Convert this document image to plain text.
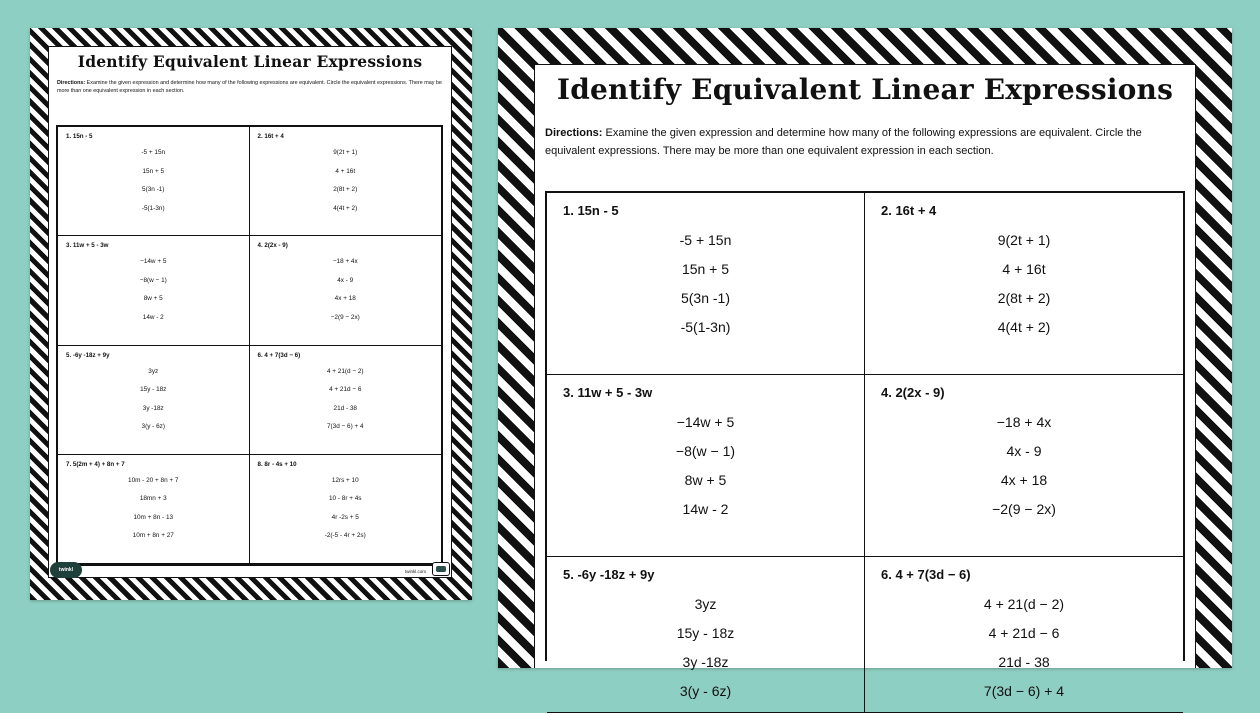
Identify Equivalent Linear Expressions
Directions: Examine the given expression and determine how many of the following expressions are equivalent. Circle the equivalent expressions. There may be more than one equivalent expression in each section.
1. 15n - 5
-5 + 15n
15n + 5
5(3n -1)
-5(1-3n)
2. 16t + 4
9(2t + 1)
4 + 16t
2(8t + 2)
4(4t + 2)
3. 11w + 5 - 3w
−14w + 5
−8(w − 1)
8w + 5
14w - 2
4. 2(2x - 9)
−18 + 4x
4x - 9
4x + 18
−2(9 − 2x)
5. -6y -18z + 9y
3yz
15y - 18z
3y -18z
3(y - 6z)
6. 4 + 7(3d − 6)
4 + 21(d − 2)
4 + 21d − 6
21d - 38
7(3d − 6) + 4
7. 5(2m + 4) + 8n + 7
10m - 20 + 8n + 7
18mn + 3
10m + 8n - 13
10m + 8n + 27
8. 8r - 4s + 10
12rs + 10
10 - 8r + 4s
4r -2s + 5
-2(-5 - 4r + 2s)
twinkl	twinkl.com
Identify Equivalent Linear Expressions
Directions: Examine the given expression and determine how many of the following expressions are equivalent. Circle the equivalent expressions. There may be more than one equivalent expression in each section.
1. 15n - 5
-5 + 15n
15n + 5
5(3n -1)
-5(1-3n)
2. 16t + 4
9(2t + 1)
4 + 16t
2(8t + 2)
4(4t + 2)
3. 11w + 5 - 3w
−14w + 5
−8(w − 1)
8w + 5
14w - 2
4. 2(2x - 9)
−18 + 4x
4x - 9
4x + 18
−2(9 − 2x)
5. -6y -18z + 9y
3yz
15y - 18z
3y -18z
3(y - 6z)
6. 4 + 7(3d − 6)
4 + 21(d − 2)
4 + 21d − 6
21d - 38
7(3d − 6) + 4
